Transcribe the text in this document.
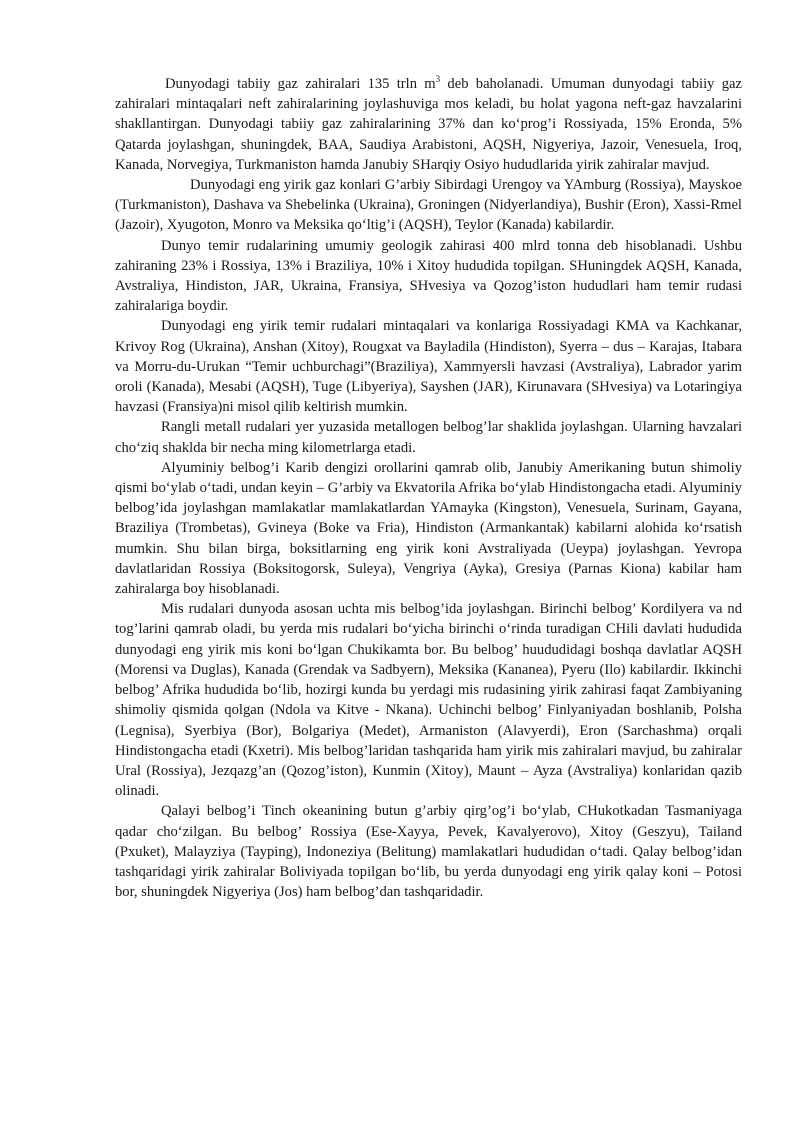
Dunyodagi tabiiy gaz zahiralari 135 trln $m^3$ deb baholanadi. Umuman dunyodagi tabiiy gaz zahiralari mintaqalari neft zahiralarining joylashuviga mos keladi, bu holat yagona neft-gaz havzalarini shakllantirgan. Dunyodagi tabiiy gaz zahiralarining 37% dan ko‘prog’i Rossiyada, 15% Eronda, 5% Qatarda joylashgan, shuningdek, BAA, Saudiya Arabistoni, AQSH, Nigyeriya, Jazoir, Venesuela, Iroq, Kanada, Norvegiya, Turkmaniston hamda Janubiy SHarqiy Osiyo hududlarida yirik zahiralar mavjud.

Dunyodagi eng yirik gaz konlari G’arbiy Sibirdagi Urengoy va YAmburg (Rossiya), Mayskoe (Turkmaniston), Dashava va Shebelinka (Ukraina), Groningen (Nidyerlandiya), Bushir (Eron), Xassi-Rmel (Jazoir), Xyugoton, Monro va Meksika qo‘ltig’i (AQSH), Teylor (Kanada) kabilardir.

Dunyo temir rudalarining umumiy geologik zahirasi 400 mlrd tonna deb hisoblanadi. Ushbu zahiraning 23% i Rossiya, 13% i Braziliya, 10% i Xitoy hududida topilgan. SHuningdek AQSH, Kanada, Avstraliya, Hindiston, JAR, Ukraina, Fransiya, SHvesiya va Qozog’iston hududlari ham temir rudasi zahiralariga boydir.

Dunyodagi eng yirik temir rudalari mintaqalari va konlariga Rossiyadagi KMA va Kachkanar, Krivoy Rog (Ukraina), Anshan (Xitoy), Rougxat va Bayladila (Hindiston), Syerra – dus – Karajas, Itabara va Morru-du-Urukan “Temir uchburchagi”(Braziliya), Xammyersli havzasi (Avstraliya), Labrador yarim oroli (Kanada), Mesabi (AQSH), Tuge (Libyeriya), Sayshen (JAR), Kirunavara (SHvesiya) va Lotaringiya havzasi (Fransiya)ni misol qilib keltirish mumkin.

Rangli metall rudalari yer yuzasida metallogen belbog’lar shaklida joylashgan. Ularning havzalari cho‘ziq shaklda bir necha ming kilometrlarga etadi.

Alyuminiy belbog’i Karib dengizi orollarini qamrab olib, Janubiy Amerikaning butun shimoliy qismi bo‘ylab o‘tadi, undan keyin – G’arbiy va Ekvatorila Afrika bo‘ylab Hindistongacha etadi. Alyuminiy belbog’ida joylashgan mamlakatlar mamlakatlardan YAmayka (Kingston), Venesuela, Surinam, Gayana, Braziliya (Trombetas), Gvineya (Boke va Fria), Hindiston (Armankantak) kabilarni alohida ko‘rsatish mumkin. Shu bilan birga, boksitlarning eng yirik koni Avstraliyada (Ueypa) joylashgan. Yevropa davlatlaridan Rossiya (Boksitogorsk, Suleya), Vengriya (Ayka), Gresiya (Parnas Kiona) kabilar ham zahiralarga boy hisoblanadi.

Mis rudalari dunyoda asosan uchta mis belbog’ida joylashgan. Birinchi belbog’ Kordilyera va nd tog’larini qamrab oladi, bu yerda mis rudalari bo‘yicha birinchi o‘rinda turadigan CHili davlati hududida dunyodagi eng yirik mis koni bo‘lgan Chukikamta bor. Bu belbog’ huududidagi boshqa davlatlar AQSH (Morensi va Duglas), Kanada (Grendak va Sadbyern), Meksika (Kananea), Pyeru (Ilo) kabilardir. Ikkinchi belbog’ Afrika hududida bo‘lib, hozirgi kunda bu yerdagi mis rudasining yirik zahirasi faqat Zambiyaning shimoliy qismida qolgan (Ndola va Kitve - Nkana). Uchinchi belbog’ Finlyaniyadan boshlanib, Polsha (Legnisa), Syerbiya (Bor), Bolgariya (Medet), Armaniston (Alavyerdi), Eron (Sarchashma) orqali Hindistongacha etadi (Kxetri). Mis belbog’laridan tashqarida ham yirik mis zahiralari mavjud, bu zahiralar Ural (Rossiya), Jezqazg’an (Qozog’iston), Kunmin (Xitoy), Maunt – Ayza (Avstraliya) konlaridan qazib olinadi.

Qalayi belbog’i Tinch okeanining butun g’arbiy qirg’og’i bo‘ylab, CHukotkadan Tasmaniyaga qadar cho‘zilgan. Bu belbog’ Rossiya (Ese-Xayya, Pevek, Kavalyerovo), Xitoy (Geszyu), Tailand (Pxuket), Malayziya (Tayping), Indoneziya (Belitung) mamlakatlari hududidan o‘tadi. Qalay belbog’idan tashqaridagi yirik zahiralar Boliviyada topilgan bo‘lib, bu yerda dunyodagi eng yirik qalay koni – Potosi bor, shuningdek Nigyeriya (Jos) ham belbog’dan tashqaridadir.
